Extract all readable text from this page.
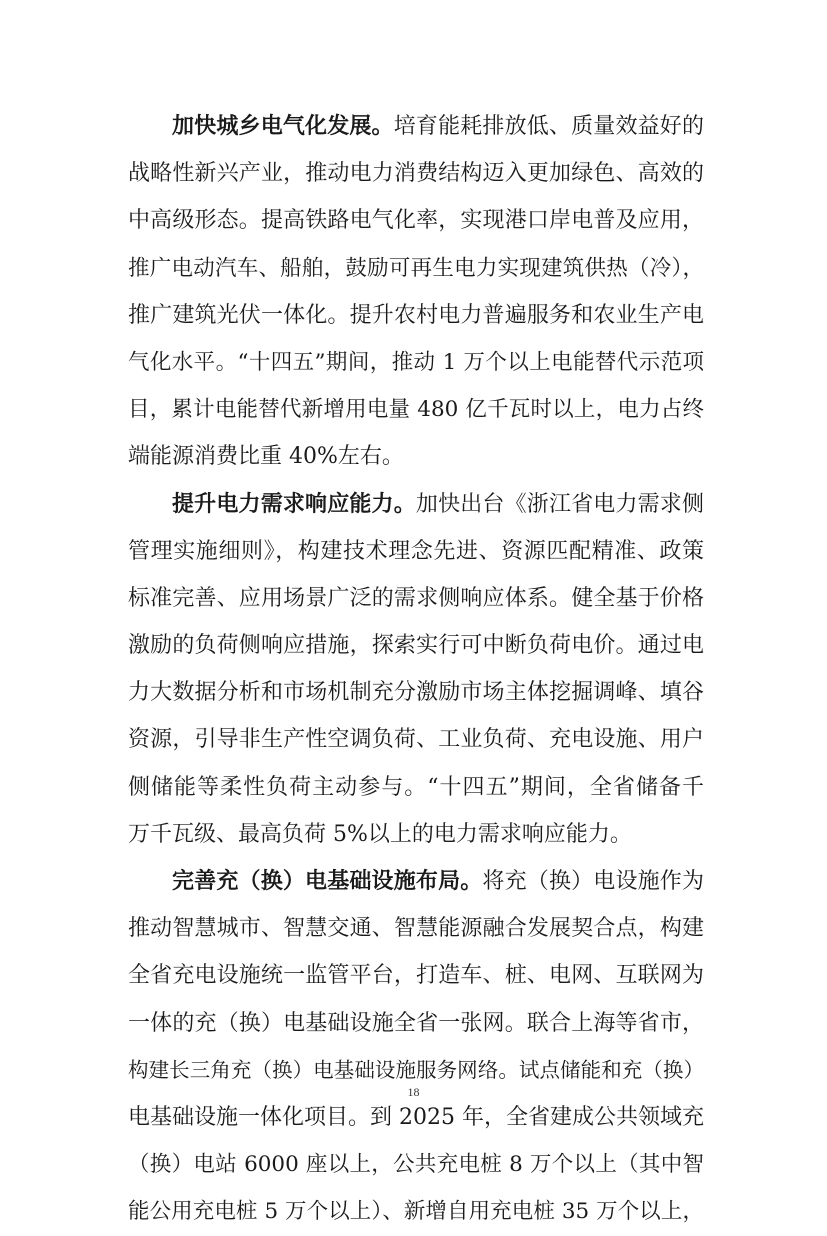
加快城乡电气化发展。培育能耗排放低、质量效益好的
战略性新兴产业，推动电力消费结构迈入更加绿色、高效的
中高级形态。提高铁路电气化率，实现港口岸电普及应用，
推广电动汽车、船舶，鼓励可再生电力实现建筑供热（冷），
推广建筑光伏一体化。提升农村电力普遍服务和农业生产电
气化水平。“十四五”期间，推动 1 万个以上电能替代示范项
目，累计电能替代新增用电量 480 亿千瓦时以上，电力占终
端能源消费比重 40%左右。
提升电力需求响应能力。加快出台《浙江省电力需求侧
管理实施细则》，构建技术理念先进、资源匹配精准、政策
标准完善、应用场景广泛的需求侧响应体系。健全基于价格
激励的负荷侧响应措施，探索实行可中断负荷电价。通过电
力大数据分析和市场机制充分激励市场主体挖掘调峰、填谷
资源，引导非生产性空调负荷、工业负荷、充电设施、用户
侧储能等柔性负荷主动参与。“十四五”期间，全省储备千
万千瓦级、最高负荷 5%以上的电力需求响应能力。
完善充（换）电基础设施布局。将充（换）电设施作为
推动智慧城市、智慧交通、智慧能源融合发展契合点，构建
全省充电设施统一监管平台，打造车、桩、电网、互联网为
一体的充（换）电基础设施全省一张网。联合上海等省市，
构建长三角充（换）电基础设施服务网络。试点储能和充（换）
电基础设施一体化项目。到 2025 年，全省建成公共领域充
（换）电站 6000 座以上，公共充电桩 8 万个以上（其中智
能公用充电桩 5 万个以上）、新增自用充电桩 35 万个以上，
18
